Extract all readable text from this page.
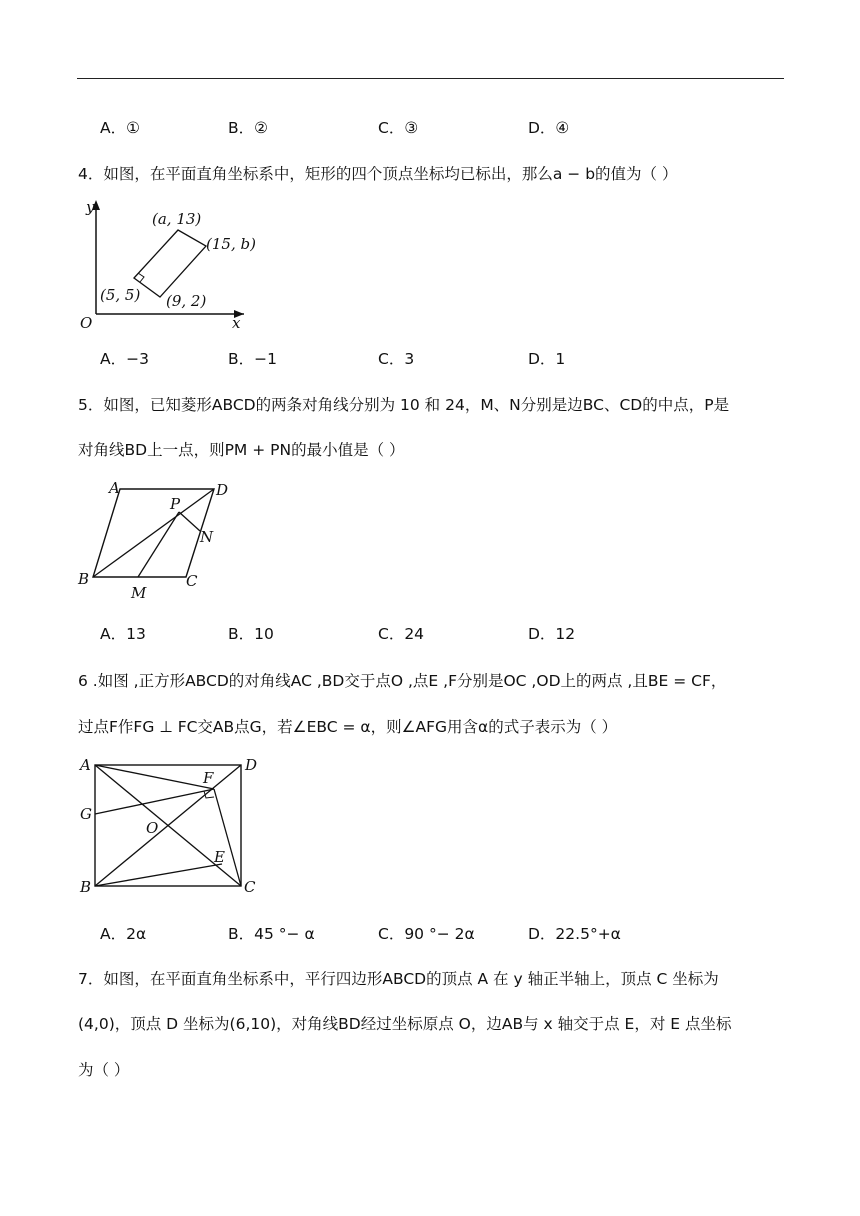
A．①	B．②	C．③	D．④
4．如图，在平面直角坐标系中，矩形的四个顶点坐标均已标出，那么a − b的值为（ ）
y
O	x
(a, 13)
(15, b)
(5, 5) (9, 2)
A．−3	B．−1	C．3	D．1
5．如图，已知菱形ABCD的两条对角线分别为 10 和 24，M、N分别是边BC、CD的中点，P是
对角线BD上一点，则PM + PN的最小值是（ ）
A	D
P
N
B
M
C
A．13	B．10	C．24	D．12
6 .如图 ,正方形ABCD的对角线AC ,BD交于点O ,点E ,F分别是OC ,OD上的两点 ,且BE = CF，
过点F作FG ⊥ FC交AB点G，若∠EBC = α，则∠AFG用含α的式子表示为（ ）
A	D
F
G
O
E
B	C
A．2α	B．45 °− α	C．90 °− 2α	D．22.5°+α
7．如图，在平面直角坐标系中，平行四边形ABCD的顶点 A 在 y 轴正半轴上，顶点 C 坐标为
(4,0)，顶点 D 坐标为(6,10)，对角线BD经过坐标原点 O，边AB与 x 轴交于点 E，对 E 点坐标
为（ ）
